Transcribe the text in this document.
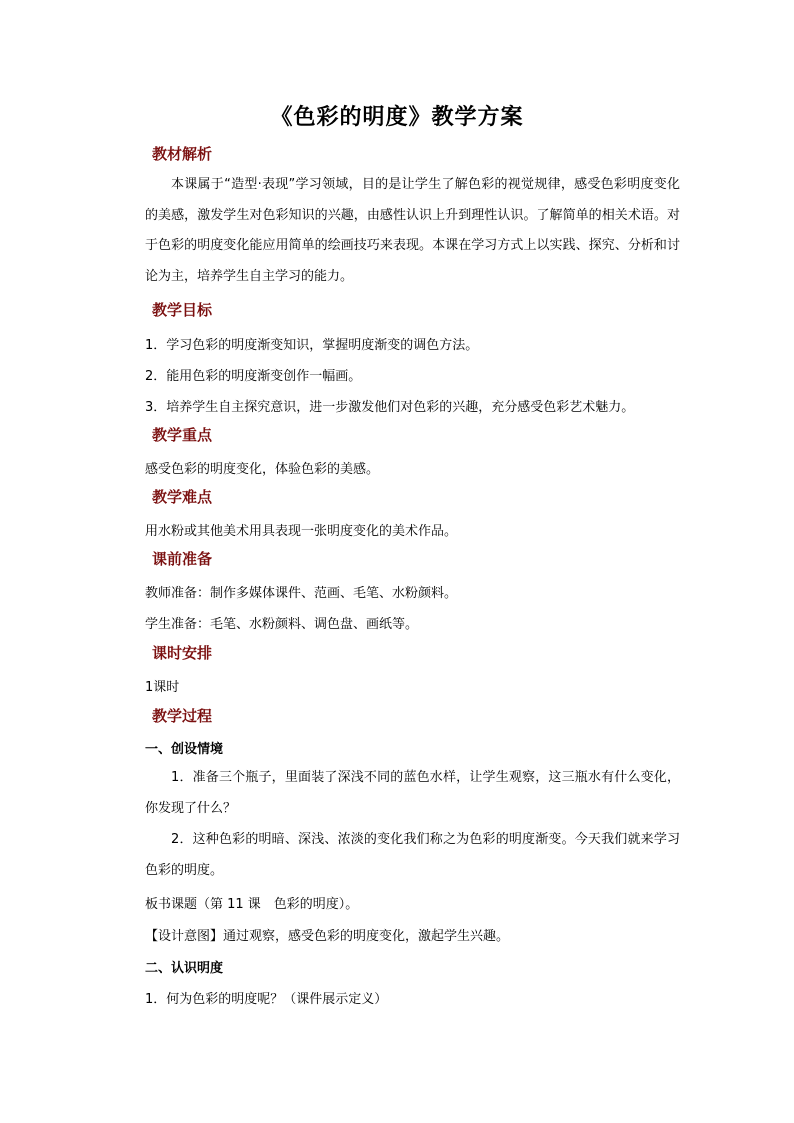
《色彩的明度》教学方案
教材解析

本课属于“造型·表现”学习领域，目的是让学生了解色彩的视觉规律，感受色彩明度变化的美感，激发学生对色彩知识的兴趣，由感性认识上升到理性认识。了解简单的相关术语。对于色彩的明度变化能应用简单的绘画技巧来表现。本课在学习方式上以实践、探究、分析和讨论为主，培养学生自主学习的能力。

教学目标

1．学习色彩的明度渐变知识，掌握明度渐变的调色方法。

2．能用色彩的明度渐变创作一幅画。

3．培养学生自主探究意识，进一步激发他们对色彩的兴趣，充分感受色彩艺术魅力。

教学重点

感受色彩的明度变化，体验色彩的美感。

教学难点

用水粉或其他美术用具表现一张明度变化的美术作品。

课前准备

教师准备：制作多媒体课件、范画、毛笔、水粉颜料。

学生准备：毛笔、水粉颜料、调色盘、画纸等。

课时安排

1课时

教学过程

一、创设情境

1．准备三个瓶子，里面装了深浅不同的蓝色水样，让学生观察，这三瓶水有什么变化，你发现了什么？

2．这种色彩的明暗、深浅、浓淡的变化我们称之为色彩的明度渐变。今天我们就来学习色彩的明度。

板书课题（第 11 课　色彩的明度）。

【设计意图】通过观察，感受色彩的明度变化，激起学生兴趣。

二、认识明度

1．何为色彩的明度呢？（课件展示定义）
